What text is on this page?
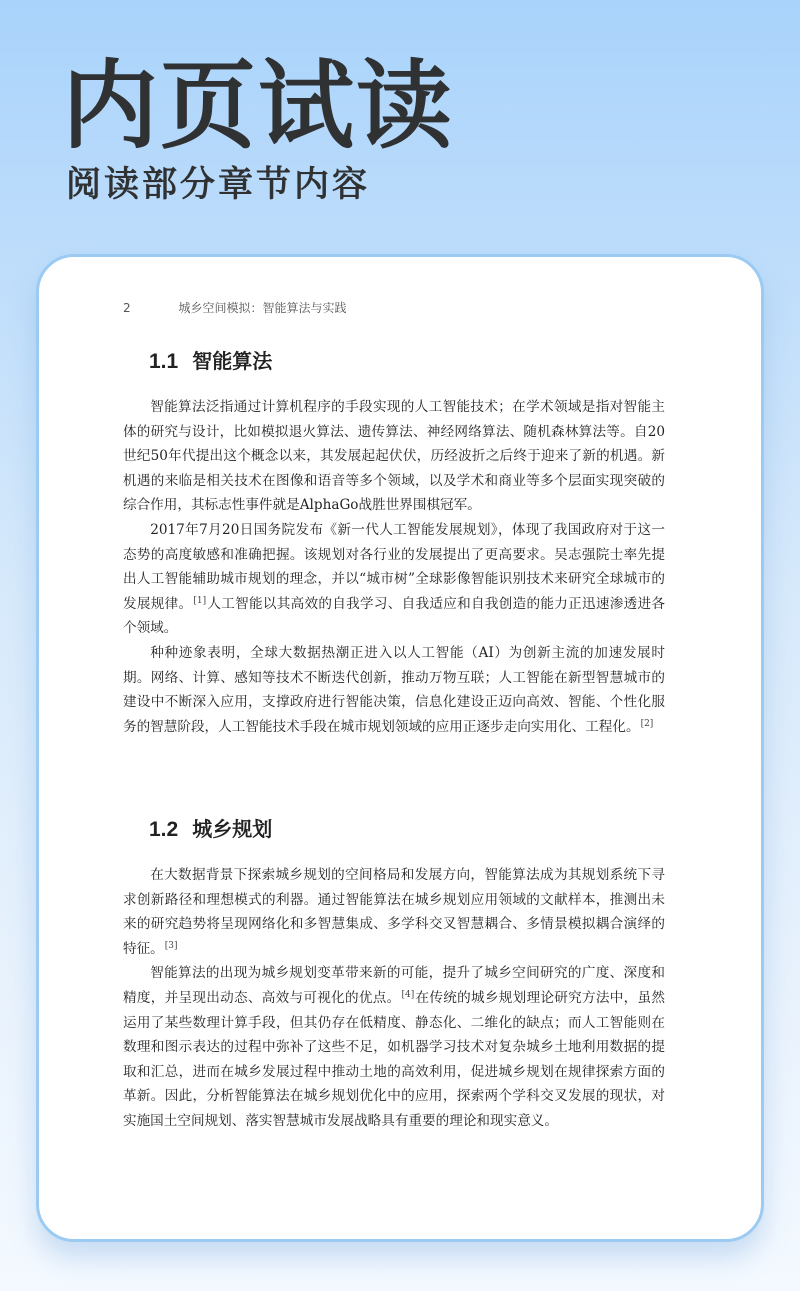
内页试读
阅读部分章节内容
2	城乡空间模拟：智能算法与实践
1.1 智能算法

智能算法泛指通过计算机程序的手段实现的人工智能技术；在学术领域是指对智能主体的研究与设计，比如模拟退火算法、遗传算法、神经网络算法、随机森林算法等。自20世纪50年代提出这个概念以来，其发展起起伏伏，历经波折之后终于迎来了新的机遇。新机遇的来临是相关技术在图像和语音等多个领域，以及学术和商业等多个层面实现突破的综合作用，其标志性事件就是AlphaGo战胜世界围棋冠军。

2017年7月20日国务院发布《新一代人工智能发展规划》，体现了我国政府对于这一态势的高度敏感和准确把握。该规划对各行业的发展提出了更高要求。吴志强院士率先提出人工智能辅助城市规划的理念，并以“城市树”全球影像智能识别技术来研究全球城市的发展规律。[1]人工智能以其高效的自我学习、自我适应和自我创造的能力正迅速渗透进各个领域。

种种迹象表明，全球大数据热潮正进入以人工智能（AI）为创新主流的加速发展时期。网络、计算、感知等技术不断迭代创新，推动万物互联；人工智能在新型智慧城市的建设中不断深入应用，支撑政府进行智能决策，信息化建设正迈向高效、智能、个性化服务的智慧阶段，人工智能技术手段在城市规划领域的应用正逐步走向实用化、工程化。[2]

1.2 城乡规划

在大数据背景下探索城乡规划的空间格局和发展方向，智能算法成为其规划系统下寻求创新路径和理想模式的利器。通过智能算法在城乡规划应用领域的文献样本，推测出未来的研究趋势将呈现网络化和多智慧集成、多学科交叉智慧耦合、多情景模拟耦合演绎的特征。[3]

智能算法的出现为城乡规划变革带来新的可能，提升了城乡空间研究的广度、深度和精度，并呈现出动态、高效与可视化的优点。[4]在传统的城乡规划理论研究方法中，虽然运用了某些数理计算手段，但其仍存在低精度、静态化、二维化的缺点；而人工智能则在数理和图示表达的过程中弥补了这些不足，如机器学习技术对复杂城乡土地利用数据的提取和汇总，进而在城乡发展过程中推动土地的高效利用，促进城乡规划在规律探索方面的革新。因此，分析智能算法在城乡规划优化中的应用，探索两个学科交叉发展的现状，对实施国土空间规划、落实智慧城市发展战略具有重要的理论和现实意义。
